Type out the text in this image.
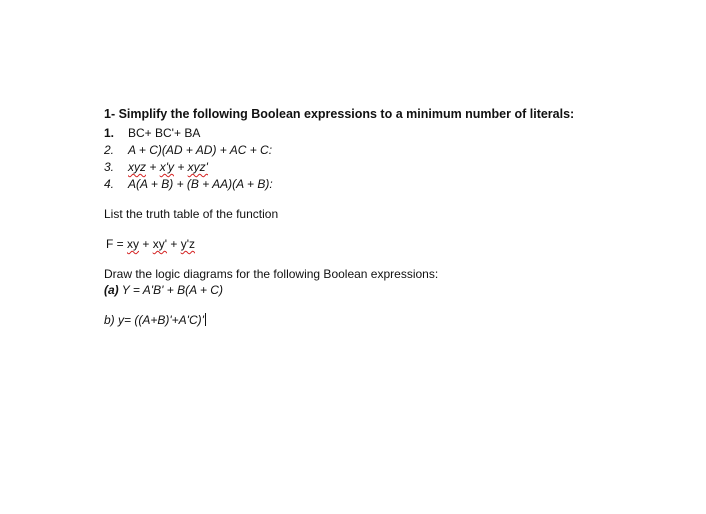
1- Simplify the following Boolean expressions to a minimum number of literals:
1. BC+ BC'+ BA
2. A + C)(AD + AD) + AC + C:
3. xyz + x'y + xyz'
4. A(A + B) + (B + AA)(A + B):
List the truth table of the function
F = xy + xy' + y'z
Draw the logic diagrams for the following Boolean expressions:
(a) Y = A'B' + B(A + C)
b) y= ((A+B)'+A'C)'
